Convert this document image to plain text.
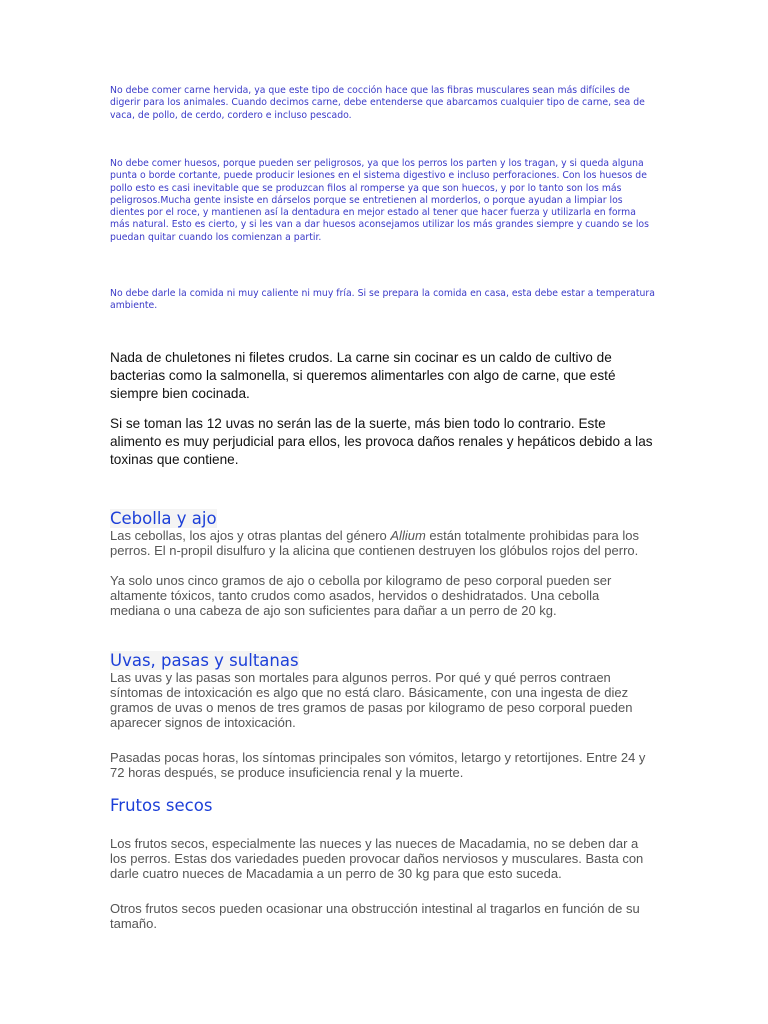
No debe comer carne hervida, ya que este tipo de cocción hace que las fibras musculares sean más difíciles de digerir para los animales. Cuando decimos carne, debe entenderse que abarcamos cualquier tipo de carne, sea de vaca, de pollo, de cerdo, cordero e incluso pescado.

No debe comer huesos, porque pueden ser peligrosos, ya que los perros los parten y los tragan, y si queda alguna punta o borde cortante, puede producir lesiones en el sistema digestivo e incluso perforaciones. Con los huesos de pollo esto es casi inevitable que se produzcan filos al romperse ya que son huecos, y por lo tanto son los más peligrosos.Mucha gente insiste en dárselos porque se entretienen al morderlos, o porque ayudan a limpiar los dientes por el roce, y mantienen así la dentadura en mejor estado al tener que hacer fuerza y utilizarla en forma más natural. Esto es cierto, y si les van a dar huesos aconsejamos utilizar los más grandes siempre y cuando se los puedan quitar cuando los comienzan a partir.

No debe darle la comida ni muy caliente ni muy fría. Si se prepara la comida en casa, esta debe estar a temperatura ambiente.

Nada de chuletones ni filetes crudos. La carne sin cocinar es un caldo de cultivo de bacterias como la salmonella, si queremos alimentarles con algo de carne, que esté siempre bien cocinada.

Si se toman las 12 uvas no serán las de la suerte, más bien todo lo contrario. Este alimento es muy perjudicial para ellos, les provoca daños renales y hepáticos debido a las toxinas que contiene.

Cebolla y ajo

Las cebollas, los ajos y otras plantas del género Allium están totalmente prohibidas para los perros. El n-propil disulfuro y la alicina que contienen destruyen los glóbulos rojos del perro.

Ya solo unos cinco gramos de ajo o cebolla por kilogramo de peso corporal pueden ser altamente tóxicos, tanto crudos como asados, hervidos o deshidratados. Una cebolla mediana o una cabeza de ajo son suficientes para dañar a un perro de 20 kg.

Uvas, pasas y sultanas

Las uvas y las pasas son mortales para algunos perros. Por qué y qué perros contraen síntomas de intoxicación es algo que no está claro. Básicamente, con una ingesta de diez gramos de uvas o menos de tres gramos de pasas por kilogramo de peso corporal pueden aparecer signos de intoxicación.

Pasadas pocas horas, los síntomas principales son vómitos, letargo y retortijones. Entre 24 y 72 horas después, se produce insuficiencia renal y la muerte.

Frutos secos

Los frutos secos, especialmente las nueces y las nueces de Macadamia, no se deben dar a los perros. Estas dos variedades pueden provocar daños nerviosos y musculares. Basta con darle cuatro nueces de Macadamia a un perro de 30 kg para que esto suceda.

Otros frutos secos pueden ocasionar una obstrucción intestinal al tragarlos en función de su tamaño.
